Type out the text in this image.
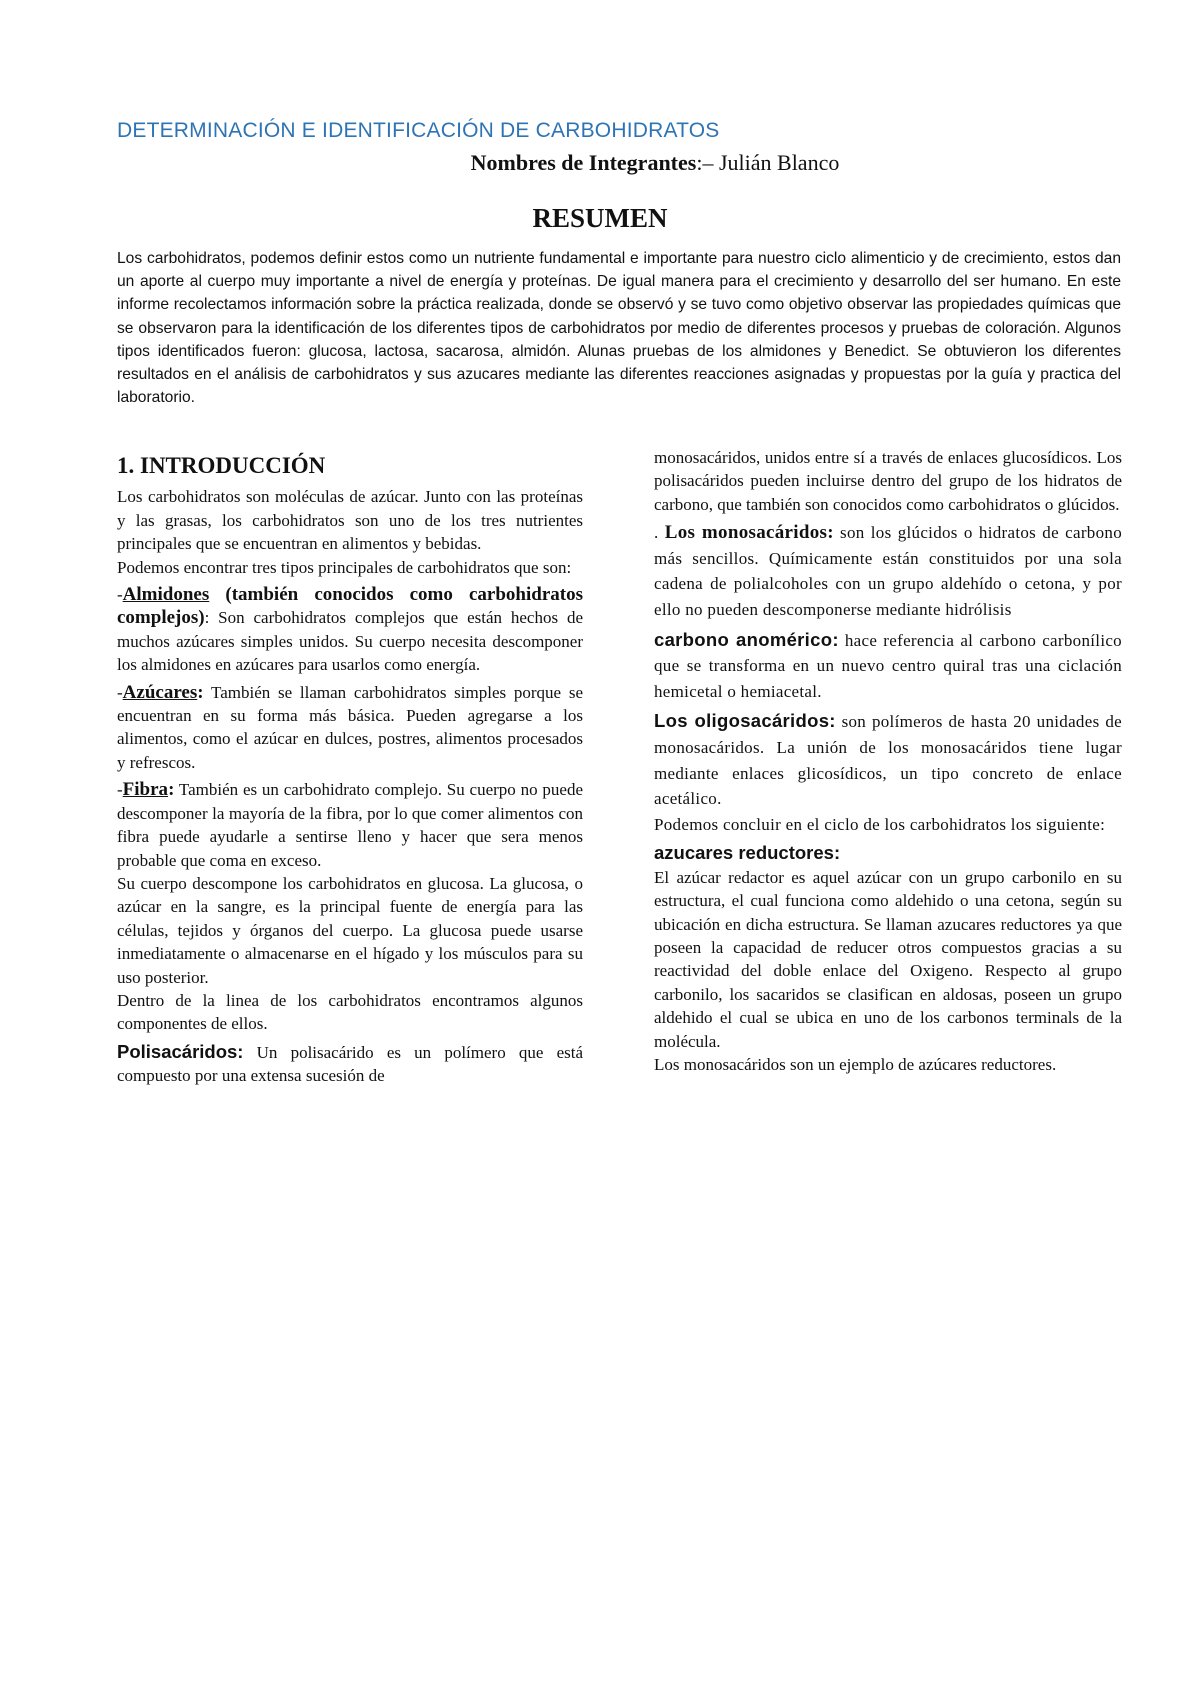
DETERMINACIÓN E IDENTIFICACIÓN DE CARBOHIDRATOS
Nombres de Integrantes:– Julián Blanco
RESUMEN

Los carbohidratos, podemos definir estos como un nutriente fundamental e importante para nuestro ciclo alimenticio y de crecimiento, estos dan un aporte al cuerpo muy importante a nivel de energía y proteínas. De igual manera para el crecimiento y desarrollo del ser humano. En este informe recolectamos información sobre la práctica realizada, donde se observó y se tuvo como objetivo observar las propiedades químicas que se observaron para la identificación de los diferentes tipos de carbohidratos por medio de diferentes procesos y pruebas de coloración. Algunos tipos identificados fueron: glucosa, lactosa, sacarosa, almidón. Alunas pruebas de los almidones y Benedict. Se obtuvieron los diferentes resultados en el análisis de carbohidratos y sus azucares mediante las diferentes reacciones asignadas y propuestas por la guía y practica del laboratorio.

1. INTRODUCCIÓN

Los carbohidratos son moléculas de azúcar. Junto con las proteínas y las grasas, los carbohidratos son uno de los tres nutrientes principales que se encuentran en alimentos y bebidas.

Podemos encontrar tres tipos principales de carbohidratos que son:

-Almidones (también conocidos como carbohidratos complejos): Son carbohidratos complejos que están hechos de muchos azúcares simples unidos. Su cuerpo necesita descomponer los almidones en azúcares para usarlos como energía.

-Azúcares: También se llaman carbohidratos simples porque se encuentran en su forma más básica. Pueden agregarse a los alimentos, como el azúcar en dulces, postres, alimentos procesados y refrescos.

-Fibra: También es un carbohidrato complejo. Su cuerpo no puede descomponer la mayoría de la fibra, por lo que comer alimentos con fibra puede ayudarle a sentirse lleno y hacer que sera menos probable que coma en exceso.

Su cuerpo descompone los carbohidratos en glucosa. La glucosa, o azúcar en la sangre, es la principal fuente de energía para las células, tejidos y órganos del cuerpo. La glucosa puede usarse inmediatamente o almacenarse en el hígado y los músculos para su uso posterior.

Dentro de la linea de los carbohidratos encontramos algunos componentes de ellos.

Polisacáridos: Un polisacárido es un polímero que está compuesto por una extensa sucesión de

monosacáridos, unidos entre sí a través de enlaces glucosídicos. Los polisacáridos pueden incluirse dentro del grupo de los hidratos de carbono, que también son conocidos como carbohidratos o glúcidos.

. Los monosacáridos: son los glúcidos o hidratos de carbono más sencillos. Químicamente están constituidos por una sola cadena de polialcoholes con un grupo aldehído o cetona, y por ello no pueden descomponerse mediante hidrólisis

carbono anomérico: hace referencia al carbono carbonílico que se transforma en un nuevo centro quiral tras una ciclación hemicetal o hemiacetal.

Los oligosacáridos: son polímeros de hasta 20 unidades de monosacáridos. La unión de los monosacáridos tiene lugar mediante enlaces glicosídicos, un tipo concreto de enlace acetálico.

Podemos concluir en el ciclo de los carbohidratos los siguiente:

azucares reductores:

El azúcar redactor es aquel azúcar con un grupo carbonilo en su estructura, el cual funciona como aldehido o una cetona, según su ubicación en dicha estructura. Se llaman azucares reductores ya que poseen la capacidad de reducer otros compuestos gracias a su reactividad del doble enlace del Oxigeno. Respecto al grupo carbonilo, los sacaridos se clasifican en aldosas, poseen un grupo aldehido el cual se ubica en uno de los carbonos terminals de la molécula.

Los monosacáridos son un ejemplo de azúcares reductores.
